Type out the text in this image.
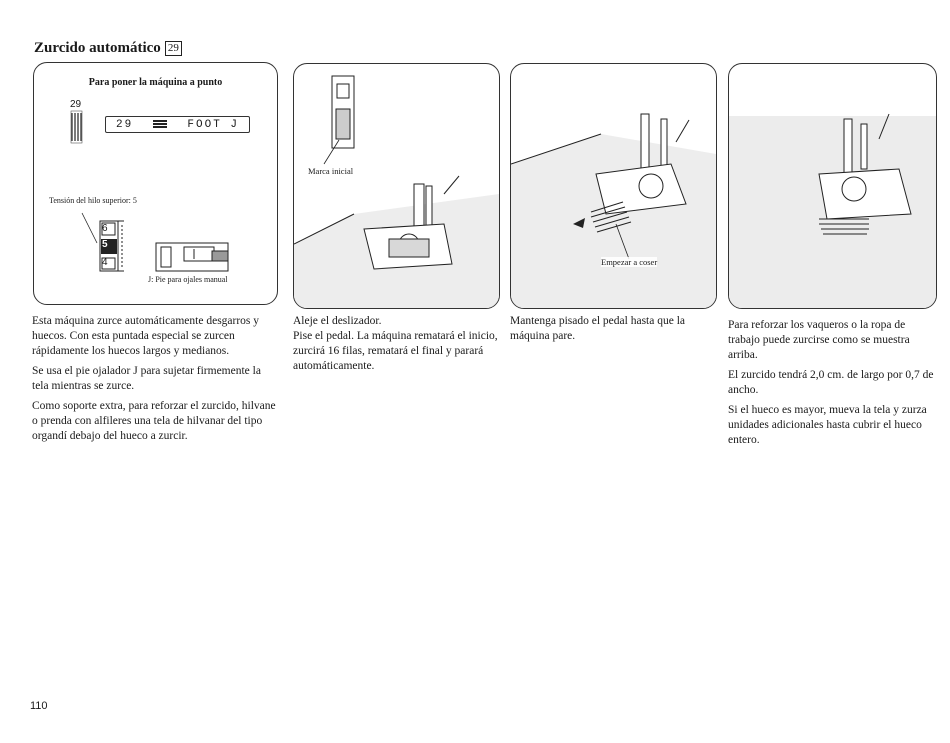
Zurcido automático 29
Para poner la máquina a punto
29
29	FOOT J
Tensión del hilo superior: 5
6
5
4
J: Pie para ojales manual
Marca inicial
Empezar a coser

Esta máquina zurce automáticamente desgarros y huecos. Con esta puntada especial se zurcen rápidamente los huecos largos y medianos.

Se usa el pie ojalador J para sujetar firmemente la tela mientras se zurce.

Como soporte extra, para reforzar el zurcido, hilvane o prenda con alfileres una tela de hilvanar del tipo organdí debajo del hueco a zurcir.

Aleje el deslizador.
Pise el pedal. La máquina rematará el inicio, zurcirá 16 filas, rematará el final y parará automáticamente.
Mantenga pisado el pedal hasta que la máquina pare.

Para reforzar los vaqueros o la ropa de trabajo puede zurcirse como se muestra arriba.

El zurcido tendrá 2,0 cm. de largo por 0,7 de ancho.

Si el hueco es mayor, mueva la tela y zurza unidades adicionales hasta cubrir el hueco entero.

110
